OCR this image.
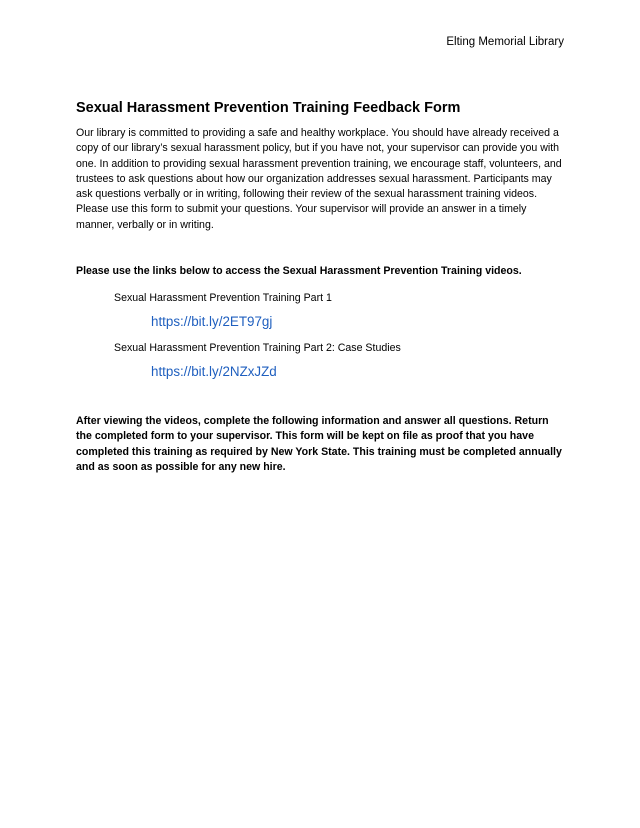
Elting Memorial Library
Sexual Harassment Prevention Training Feedback Form

Our library is committed to providing a safe and healthy workplace. You should have already received a copy of our library’s sexual harassment policy, but if you have not, your supervisor can provide you with one. In addition to providing sexual harassment prevention training, we encourage staff, volunteers, and trustees to ask questions about how our organization addresses sexual harassment. Participants may ask questions verbally or in writing, following their review of the sexual harassment training videos. Please use this form to submit your questions. Your supervisor will provide an answer in a timely manner, verbally or in writing.

Please use the links below to access the Sexual Harassment Prevention Training videos.

Sexual Harassment Prevention Training Part 1

https://bit.ly/2ET97gj

Sexual Harassment Prevention Training Part 2: Case Studies

https://bit.ly/2NZxJZd

After viewing the videos, complete the following information and answer all questions. Return the completed form to your supervisor. This form will be kept on file as proof that you have completed this training as required by New York State. This training must be completed annually and as soon as possible for any new hire.
